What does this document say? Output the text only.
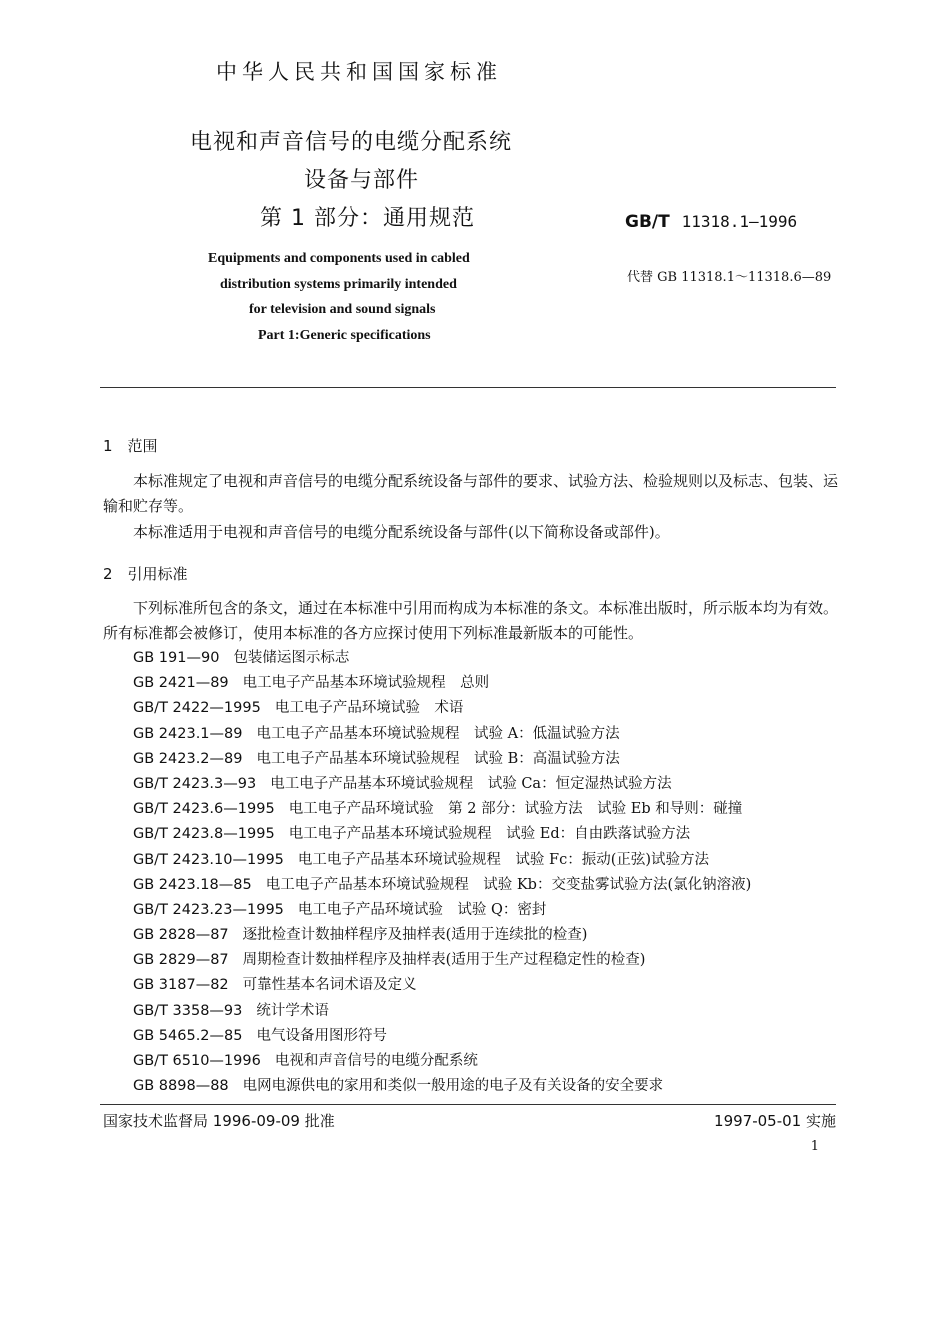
中华人民共和国国家标准
电视和声音信号的电缆分配系统
设备与部件
第 1 部分：通用规范	GB/T 11318.1—1996
代替 GB 11318.1～11318.6—89
Equipments and components used in cabled
distribution systems primarily intended
for television and sound signals
Part 1:Generic specifications
1　范围

本标准规定了电视和声音信号的电缆分配系统设备与部件的要求、试验方法、检验规则以及标志、包装、运输和贮存等。

本标准适用于电视和声音信号的电缆分配系统设备与部件(以下简称设备或部件)。

2　引用标准

下列标准所包含的条文，通过在本标准中引用而构成为本标准的条文。本标准出版时，所示版本均为有效。所有标准都会被修订，使用本标准的各方应探讨使用下列标准最新版本的可能性。

GB 191—90 包装储运图示标志
GB 2421—89 电工电子产品基本环境试验规程　总则
GB/T 2422—1995 电工电子产品环境试验　术语
GB 2423.1—89 电工电子产品基本环境试验规程　试验 A：低温试验方法
GB 2423.2—89 电工电子产品基本环境试验规程　试验 B：高温试验方法
GB/T 2423.3—93 电工电子产品基本环境试验规程　试验 Ca：恒定湿热试验方法
GB/T 2423.6—1995 电工电子产品环境试验　第 2 部分：试验方法　试验 Eb 和导则：碰撞
GB/T 2423.8—1995 电工电子产品基本环境试验规程　试验 Ed：自由跌落试验方法
GB/T 2423.10—1995 电工电子产品基本环境试验规程　试验 Fc：振动(正弦)试验方法
GB 2423.18—85 电工电子产品基本环境试验规程　试验 Kb：交变盐雾试验方法(氯化钠溶液)
GB/T 2423.23—1995 电工电子产品环境试验　试验 Q：密封
GB 2828—87 逐批检查计数抽样程序及抽样表(适用于连续批的检查)
GB 2829—87 周期检查计数抽样程序及抽样表(适用于生产过程稳定性的检查)
GB 3187—82 可靠性基本名词术语及定义
GB/T 3358—93 统计学术语
GB 5465.2—85 电气设备用图形符号
GB/T 6510—1996 电视和声音信号的电缆分配系统
GB 8898—88 电网电源供电的家用和类似一般用途的电子及有关设备的安全要求
国家技术监督局 1996-09-09 批准	1997-05-01 实施
1
